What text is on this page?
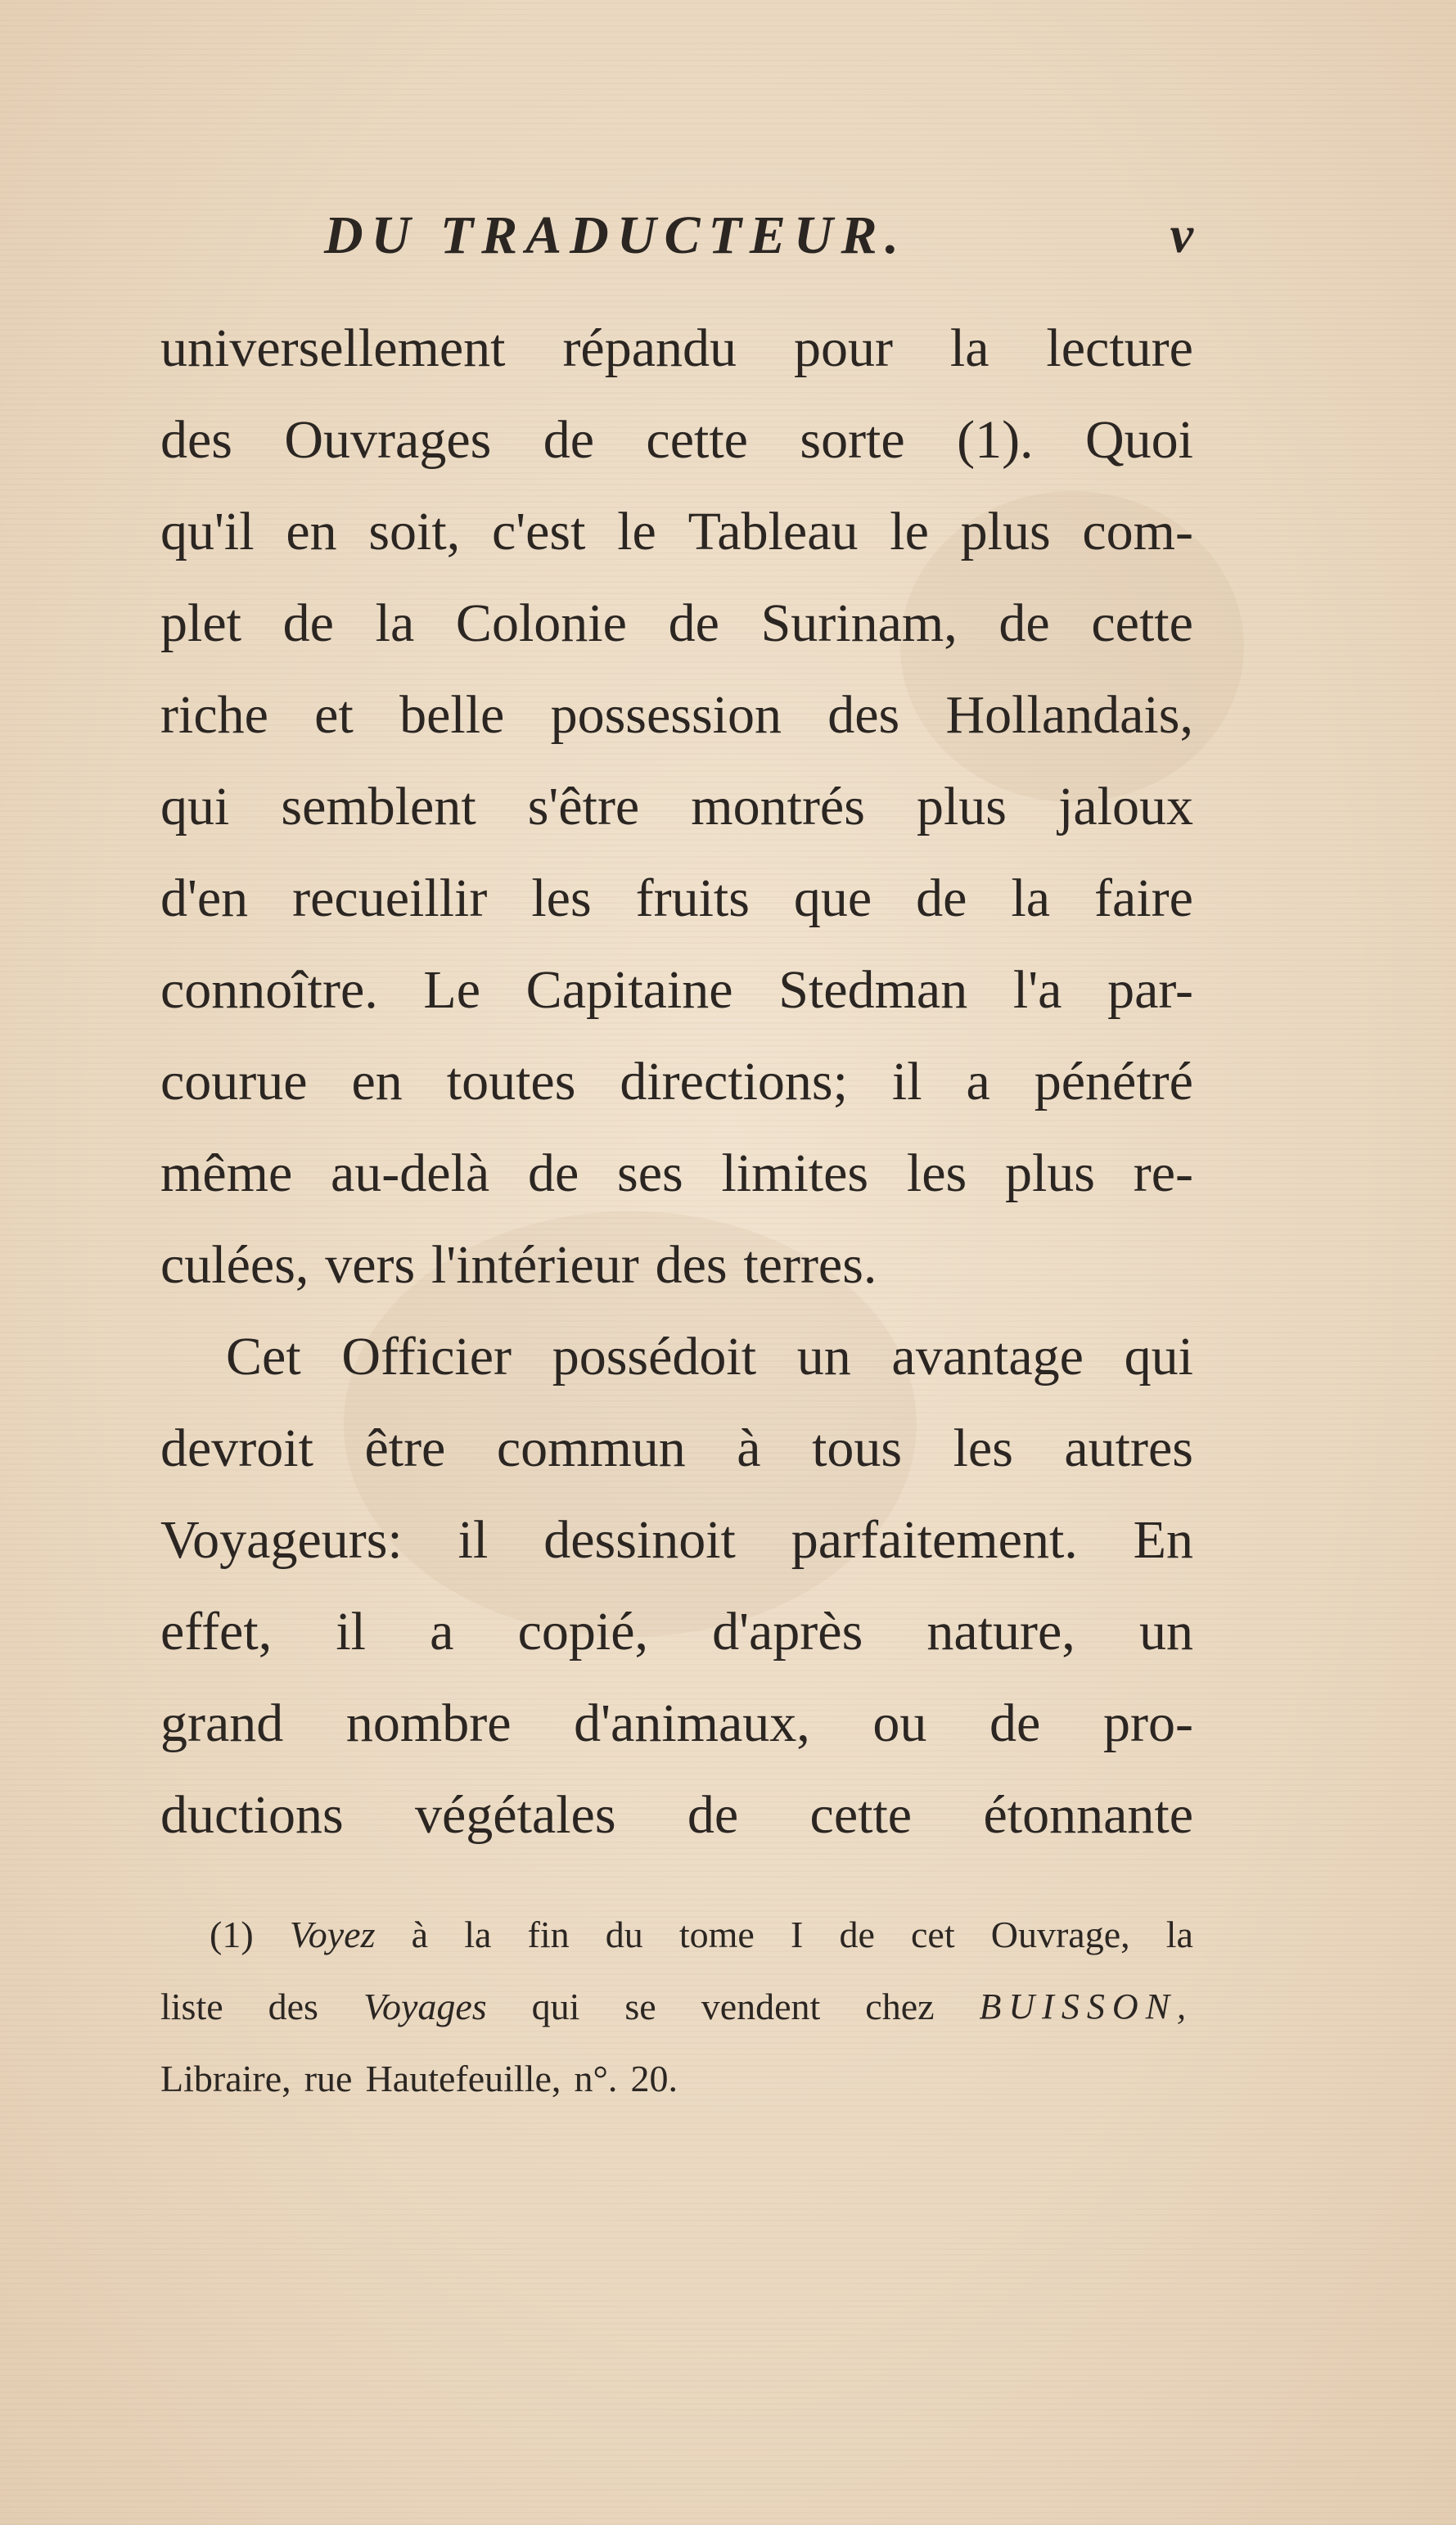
DU TRADUCTEUR.	v
universellement répandu pour la lecture
des Ouvrages de cette sorte (1). Quoi
qu'il en soit, c'est le Tableau le plus com-
plet de la Colonie de Surinam, de cette
riche et belle possession des Hollandais,
qui semblent s'être montrés plus jaloux
d'en recueillir les fruits que de la faire
connoître. Le Capitaine Stedman l'a par-
courue en toutes directions; il a pénétré
même au-delà de ses limites les plus re-
culées, vers l'intérieur des terres.
Cet Officier possédoit un avantage qui
devroit être commun à tous les autres
Voyageurs: il dessinoit parfaitement. En
effet, il a copié, d'après nature, un
grand nombre d'animaux, ou de pro-
ductions végétales de cette étonnante
(1) Voyez à la fin du tome I de cet Ouvrage, la
liste des Voyages qui se vendent chez BUISSON,
Libraire, rue Hautefeuille, n°. 20.
